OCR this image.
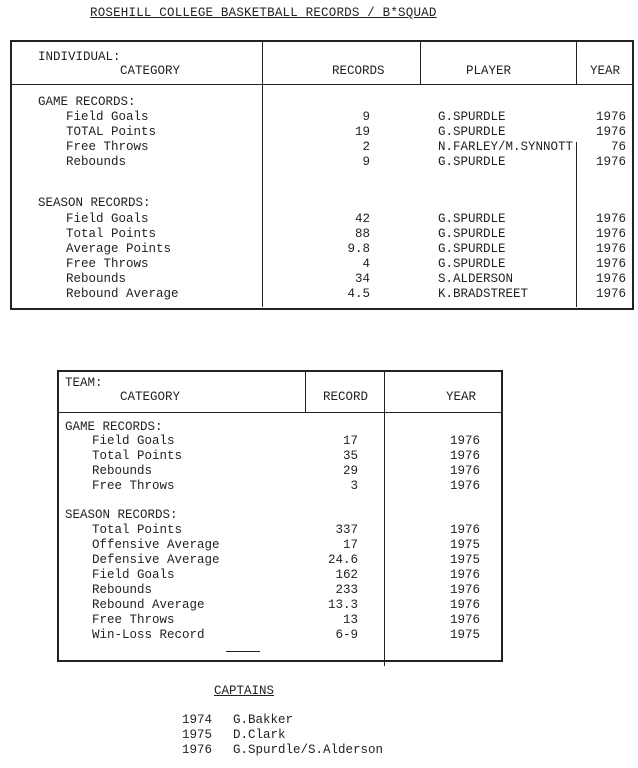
ROSEHILL COLLEGE BASKETBALL RECORDS / B*SQUAD
INDIVIDUAL:
CATEGORY	RECORDS	PLAYER	YEAR
GAME RECORDS:
Field Goals	9	G.SPURDLE	1976
TOTAL Points	19	G.SPURDLE	1976
Free Throws	2	N.FARLEY/M.SYNNOTT	76
Rebounds	9	G.SPURDLE	1976
SEASON RECORDS:
Field Goals	42	G.SPURDLE	1976
Total Points	88	G.SPURDLE	1976
Average Points	9.8	G.SPURDLE	1976
Free Throws	4	G.SPURDLE	1976
Rebounds	34	S.ALDERSON	1976
Rebound Average	4.5	K.BRADSTREET	1976
TEAM:
CATEGORY	RECORD	YEAR
GAME RECORDS:
Field Goals	17	1976
Total Points	35	1976
Rebounds	29	1976
Free Throws	3	1976
SEASON RECORDS:
Total Points	337	1976
Offensive Average	17	1975
Defensive Average	24.6	1975
Field Goals	162	1976
Rebounds	233	1976
Rebound Average	13.3	1976
Free Throws	13	1976
Win-Loss Record	6-9	1975
CAPTAINS
1974 G.Bakker
1975 D.Clark
1976 G.Spurdle/S.Alderson
